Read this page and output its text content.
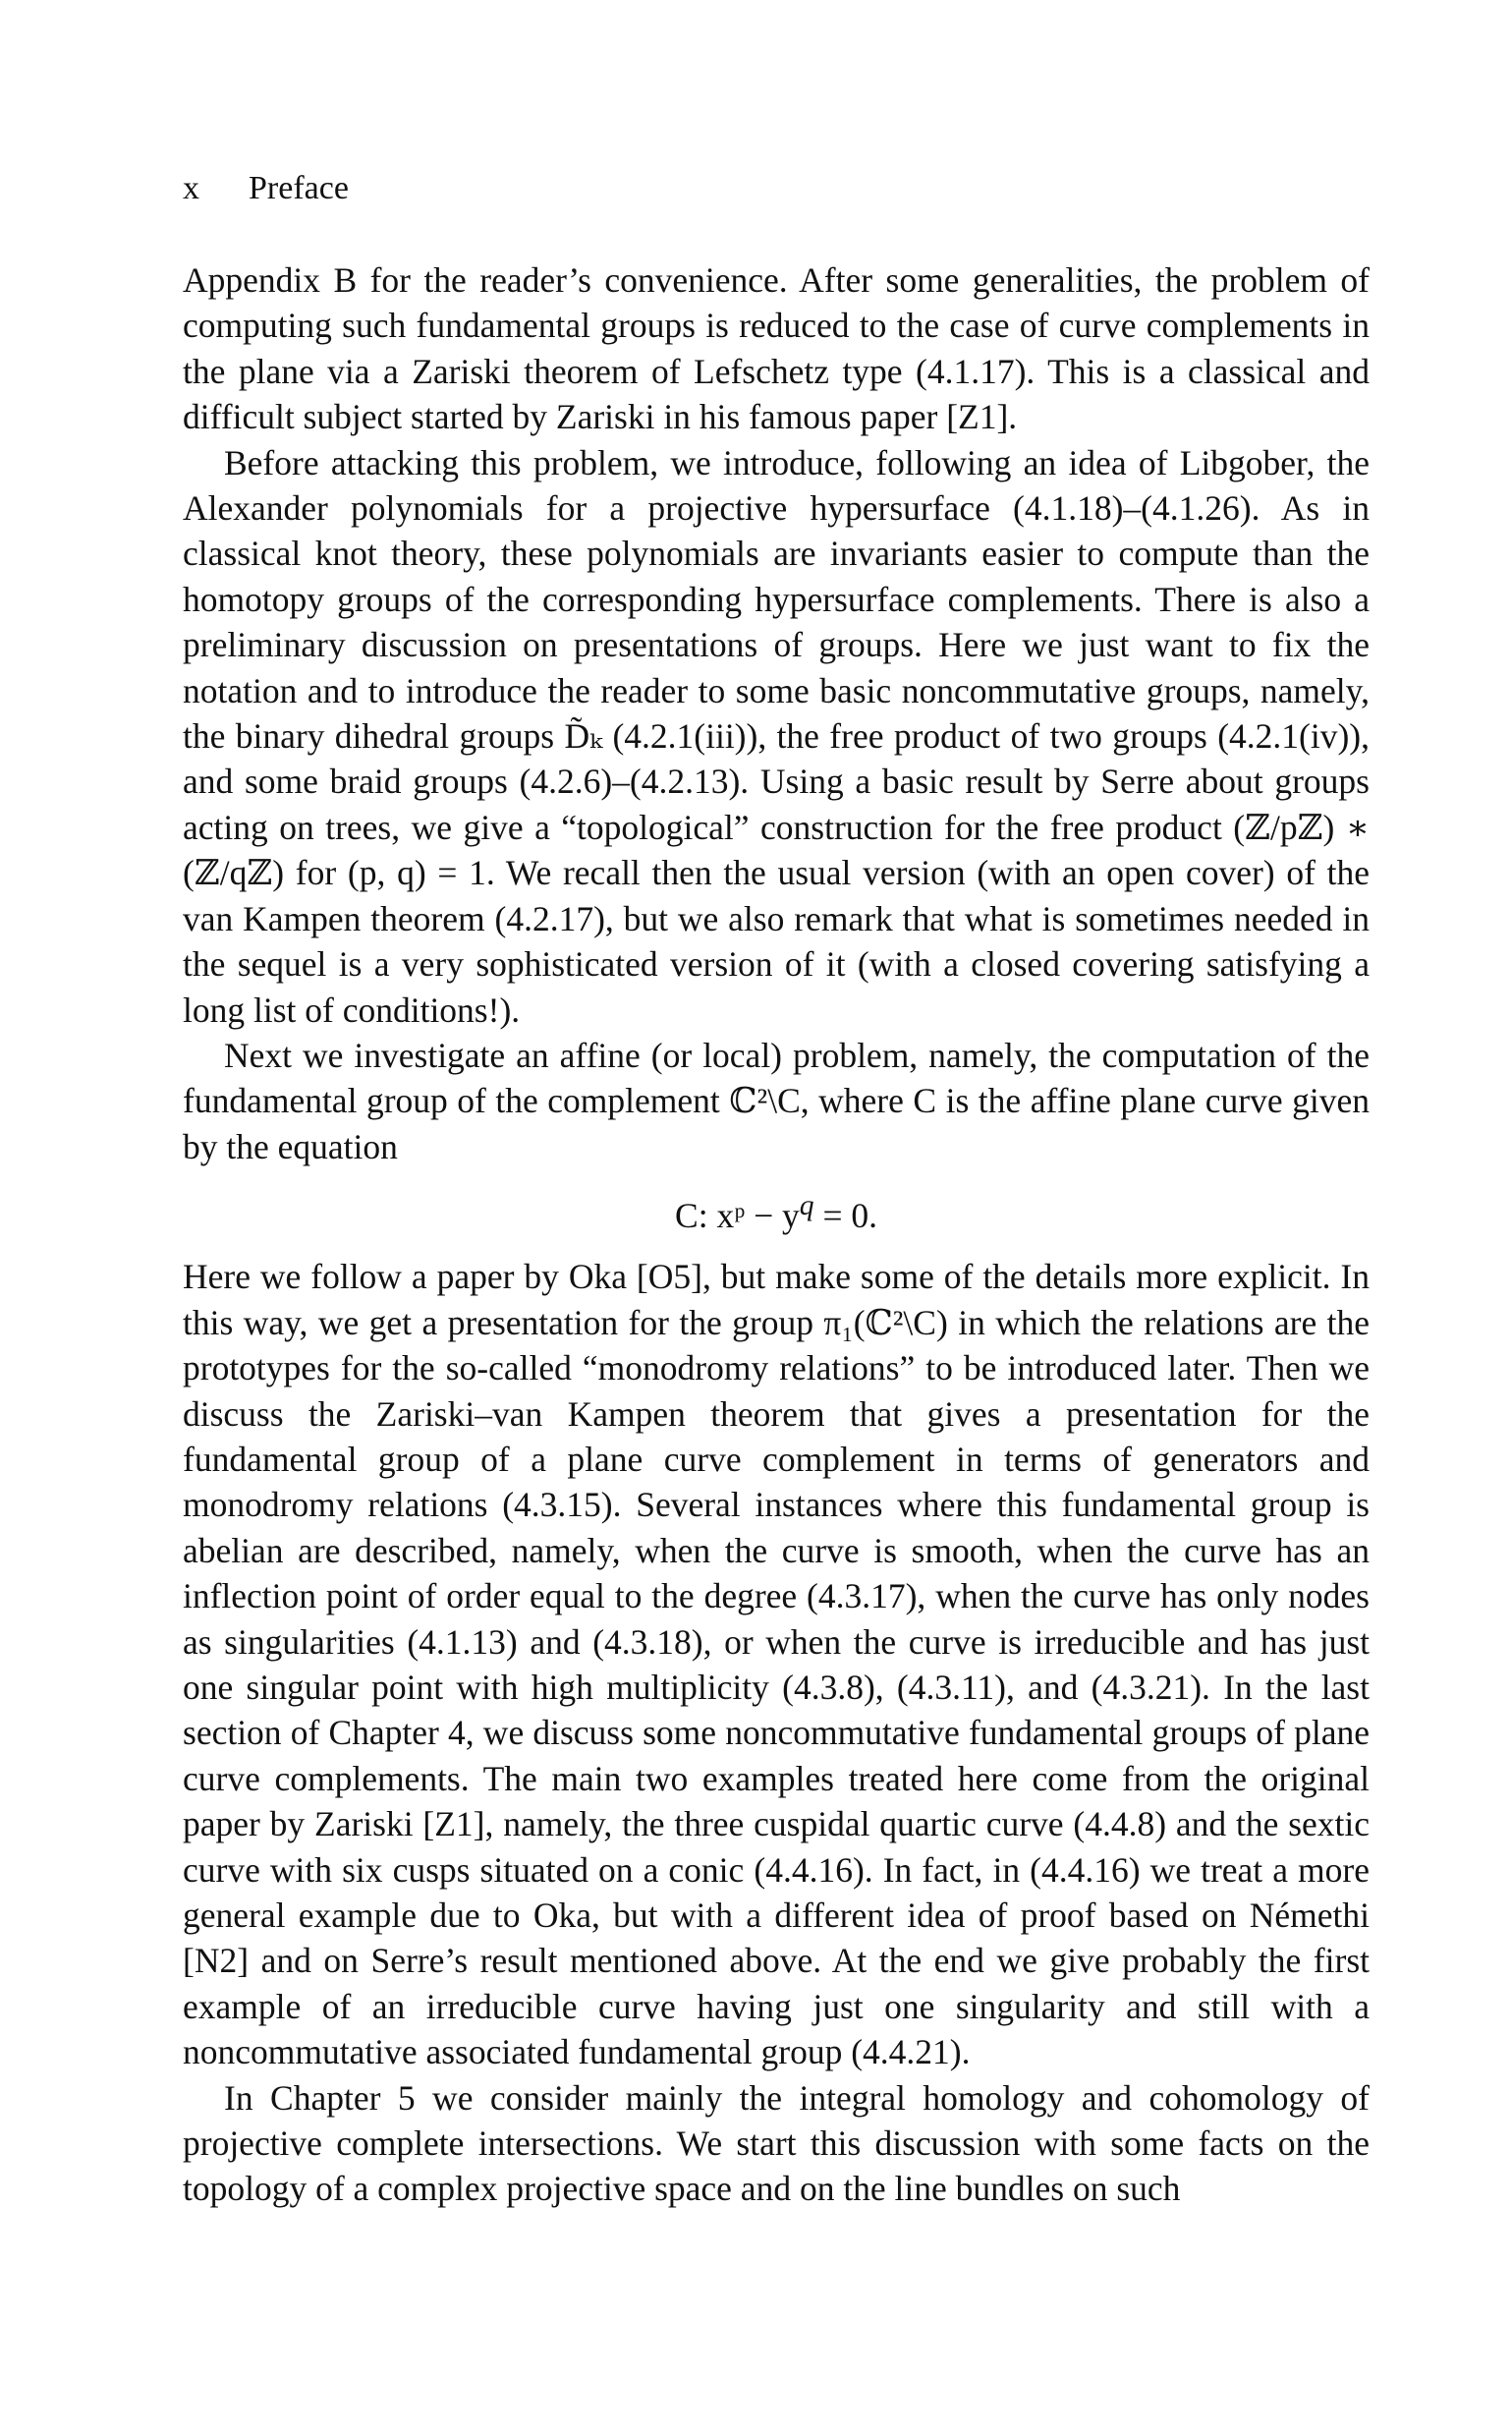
x Preface

Appendix B for the reader’s convenience. After some generalities, the problem of computing such fundamental groups is reduced to the case of curve complements in the plane via a Zariski theorem of Lefschetz type (4.1.17). This is a classical and difficult subject started by Zariski in his famous paper [Z1].

Before attacking this problem, we introduce, following an idea of Libgober, the Alexander polynomials for a projective hypersurface (4.1.18)–(4.1.26). As in classical knot theory, these polynomials are invariants easier to compute than the homotopy groups of the corresponding hypersurface complements. There is also a preliminary discussion on presentations of groups. Here we just want to fix the notation and to introduce the reader to some basic noncommutative groups, namely, the binary dihedral groups D̃ₖ (4.2.1(iii)), the free product of two groups (4.2.1(iv)), and some braid groups (4.2.6)–(4.2.13). Using a basic result by Serre about groups acting on trees, we give a “topological” construction for the free product (ℤ/pℤ) ∗ (ℤ/qℤ) for (p, q) = 1. We recall then the usual version (with an open cover) of the van Kampen theorem (4.2.17), but we also remark that what is sometimes needed in the sequel is a very sophisticated version of it (with a closed covering satisfying a long list of conditions!).

Next we investigate an affine (or local) problem, namely, the computation of the fundamental group of the complement ℂ²\C, where C is the affine plane curve given by the equation

C: xᵖ − $y^q = 0$.

Here we follow a paper by Oka [O5], but make some of the details more explicit. In this way, we get a presentation for the group π₁(ℂ²\C) in which the relations are the prototypes for the so-called “monodromy relations” to be introduced later. Then we discuss the Zariski–van Kampen theorem that gives a presentation for the fundamental group of a plane curve complement in terms of generators and monodromy relations (4.3.15). Several instances where this fundamental group is abelian are described, namely, when the curve is smooth, when the curve has an inflection point of order equal to the degree (4.3.17), when the curve has only nodes as singularities (4.1.13) and (4.3.18), or when the curve is irreducible and has just one singular point with high multiplicity (4.3.8), (4.3.11), and (4.3.21). In the last section of Chapter 4, we discuss some noncommutative fundamental groups of plane curve complements. The main two examples treated here come from the original paper by Zariski [Z1], namely, the three cuspidal quartic curve (4.4.8) and the sextic curve with six cusps situated on a conic (4.4.16). In fact, in (4.4.16) we treat a more general example due to Oka, but with a different idea of proof based on Némethi [N2] and on Serre’s result mentioned above. At the end we give probably the first example of an irreducible curve having just one singularity and still with a noncommutative associated fundamental group (4.4.21).

In Chapter 5 we consider mainly the integral homology and cohomology of projective complete intersections. We start this discussion with some facts on the topology of a complex projective space and on the line bundles on such
